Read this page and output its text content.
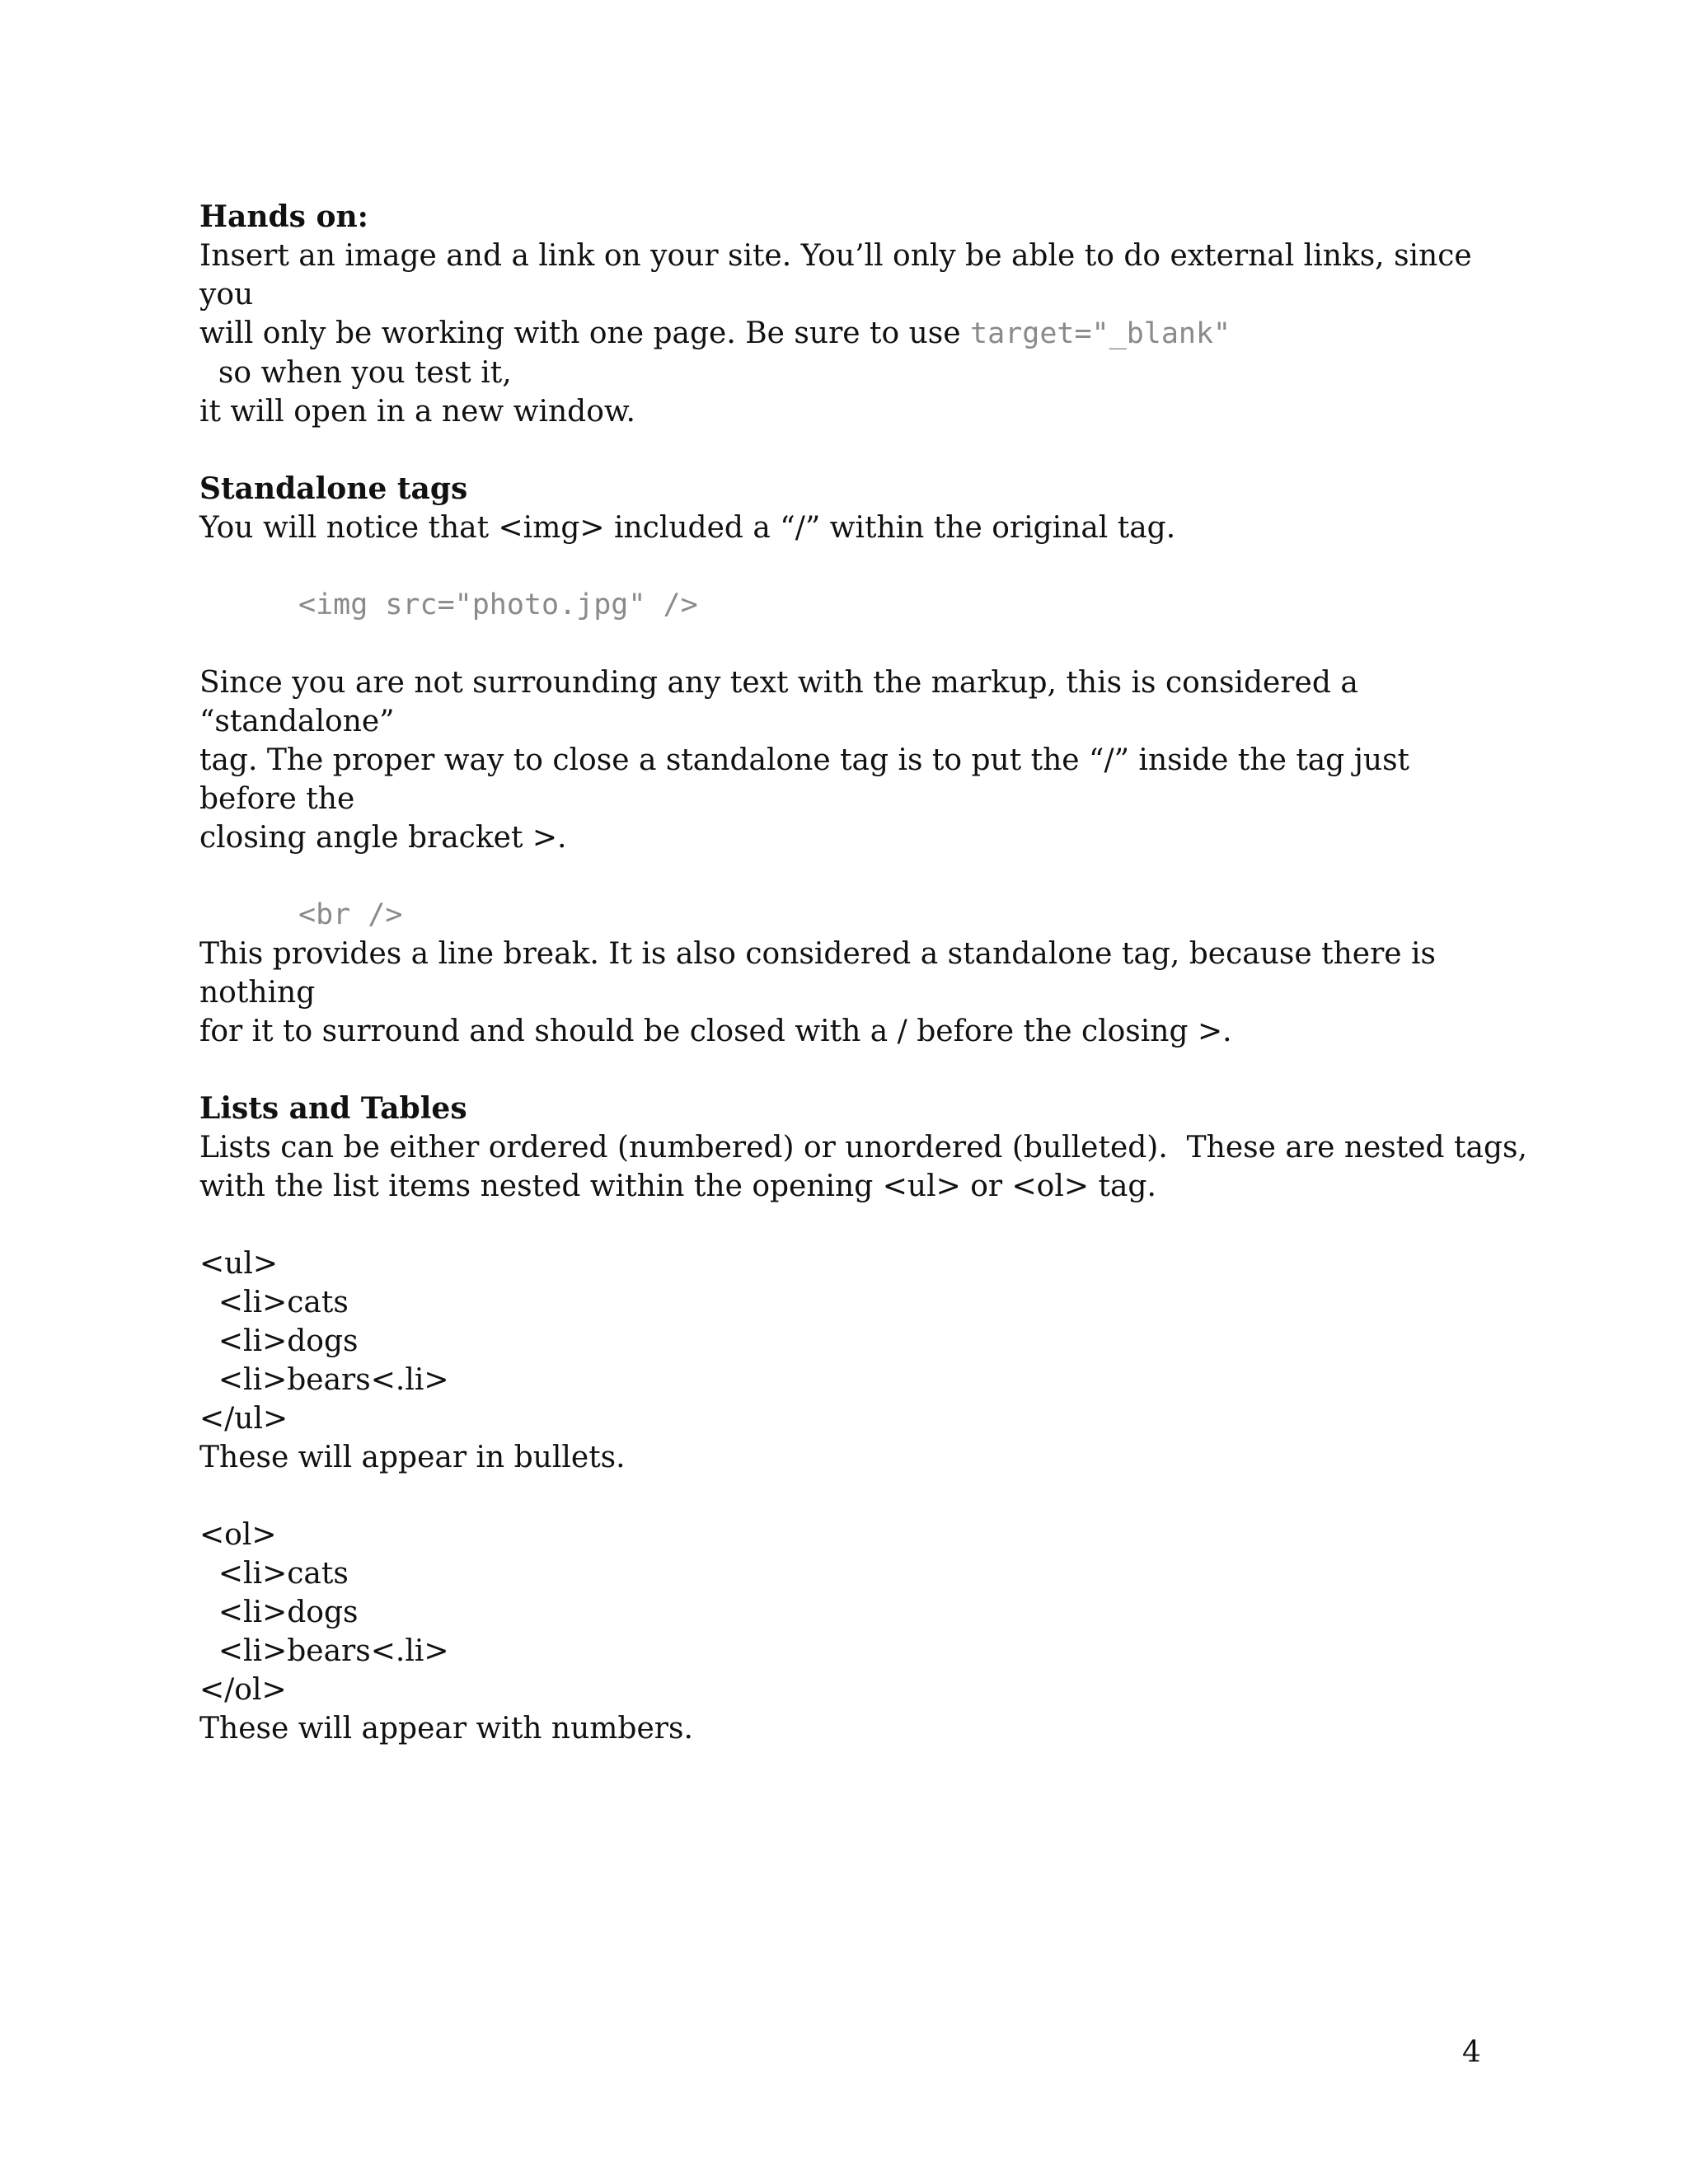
Hands on:

Insert an image and a link on your site. You’ll only be able to do external links, since you

will only be working with one page. Be sure to use target="_blank"  so when you test it,

it will open in a new window.

Standalone tags

You will notice that <img> included a “/” within the original tag.

<img src="photo.jpg" />

Since you are not surrounding any text with the markup, this is considered a “standalone”

tag. The proper way to close a standalone tag is to put the “/” inside the tag just before the

closing angle bracket >.

<br />

This provides a line break. It is also considered a standalone tag, because there is nothing

for it to surround and should be closed with a / before the closing >.

Lists and Tables

Lists can be either ordered (numbered) or unordered (bulleted).  These are nested tags,

with the list items nested within the opening <ul> or <ol> tag.

<ul>

<li>cats

<li>dogs

<li>bears<.li>

</ul>

These will appear in bullets.

<ol>

<li>cats

<li>dogs

<li>bears<.li>

</ol>

These will appear with numbers.

4
